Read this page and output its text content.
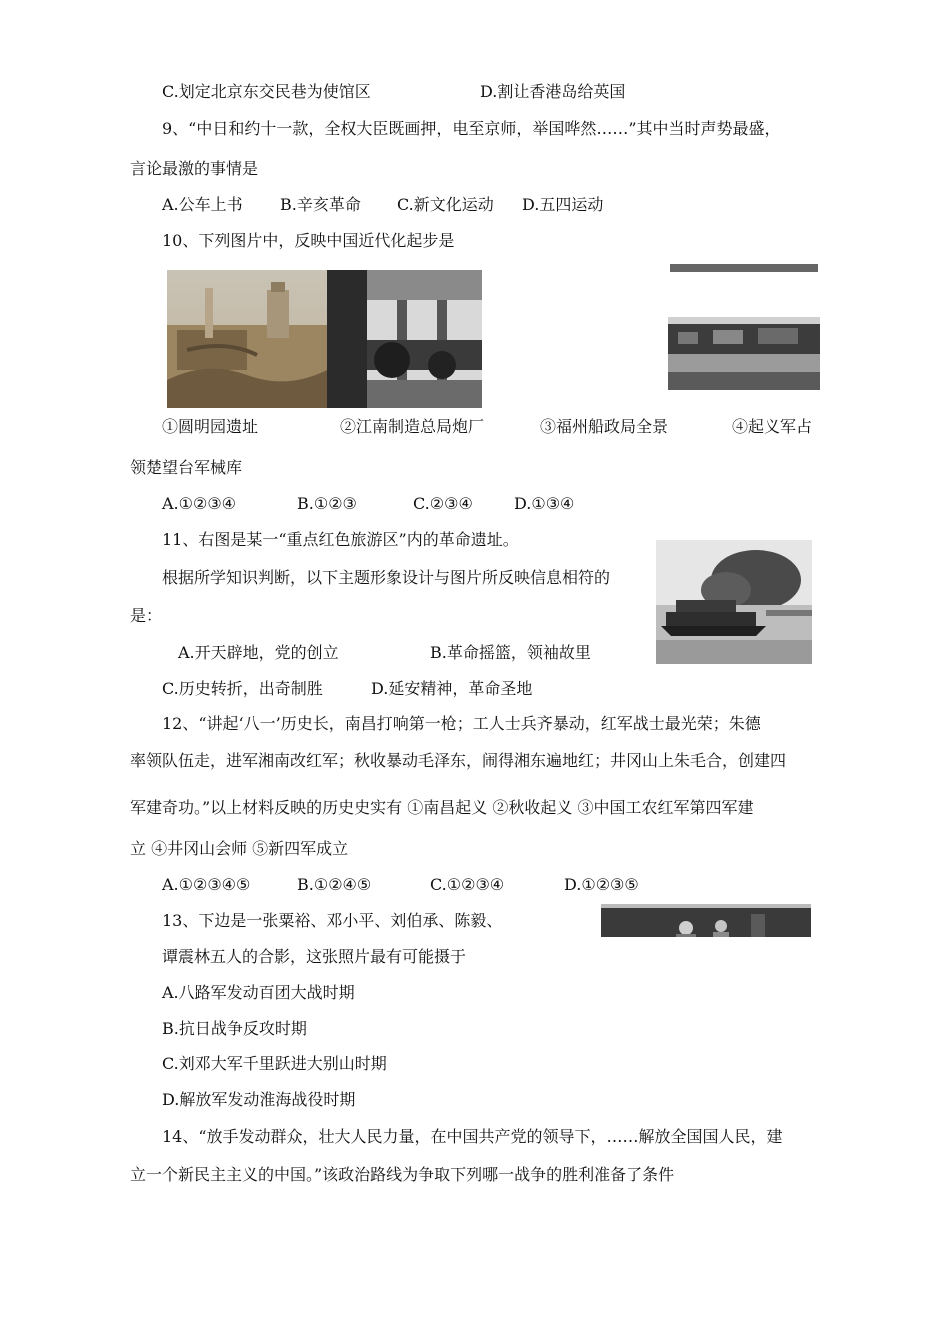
C.划定北京东交民巷为使馆区	D.割让香港岛给英国
9、“中日和约十一款，全权大臣既画押，电至京师，举国哗然……”其中当时声势最盛，
言论最激的事情是
A.公车上书 B.辛亥革命 C.新文化运动 D.五四运动
10、下列图片中，反映中国近代化起步是
①圆明园遗址	②江南制造总局炮厂	③福州船政局全景	④起义军占
领楚望台军械库
A.①②③④	B.①②③	C.②③④	D.①③④
11、右图是某一“重点红色旅游区”内的革命遗址。
根据所学知识判断，以下主题形象设计与图片所反映信息相符的
是：
A.开天辟地，党的创立	B.革命摇篮，领袖故里
C.历史转折，出奇制胜	D.延安精神，革命圣地
12、“讲起‘八一’历史长，南昌打响第一枪；工人士兵齐暴动，红军战士最光荣；朱德
率领队伍走，进军湘南改红军；秋收暴动毛泽东，闹得湘东遍地红；井冈山上朱毛合，创建四
军建奇功。”以上材料反映的历史史实有 ①南昌起义 ②秋收起义 ③中国工农红军第四军建
立 ④井冈山会师 ⑤新四军成立
A.①②③④⑤	B.①②④⑤	C.①②③④	D.①②③⑤
13、下边是一张粟裕、邓小平、刘伯承、陈毅、
谭震林五人的合影，这张照片最有可能摄于
A.八路军发动百团大战时期
B.抗日战争反攻时期
C.刘邓大军千里跃进大别山时期
D.解放军发动淮海战役时期
14、“放手发动群众，壮大人民力量，在中国共产党的领导下，……解放全国国人民，建
立一个新民主主义的中国。”该政治路线为争取下列哪一战争的胜利准备了条件
